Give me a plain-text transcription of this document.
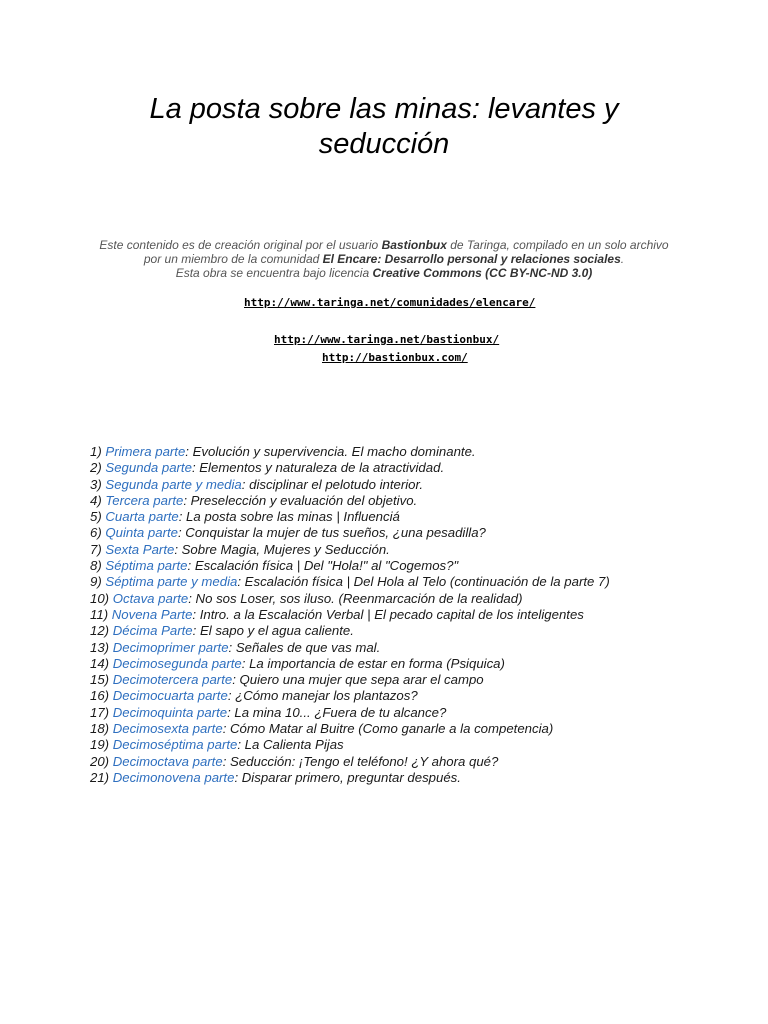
La posta sobre las minas: levantes y
seducción
Este contenido es de creación original por el usuario Bastionbux de Taringa, compilado en un solo archivo
por un miembro de la comunidad El Encare: Desarrollo personal y relaciones sociales.
Esta obra se encuentra bajo licencia Creative Commons (CC BY-NC-ND 3.0)
http://www.taringa.net/comunidades/elencare/
http://www.taringa.net/bastionbux/
http://bastionbux.com/
1) Primera parte: Evolución y supervivencia. El macho dominante.
2) Segunda parte: Elementos y naturaleza de la atractividad.
3) Segunda parte y media: disciplinar el pelotudo interior.
4) Tercera parte: Preselección y evaluación del objetivo.
5) Cuarta parte: La posta sobre las minas | Influenciá
6) Quinta parte: Conquistar la mujer de tus sueños, ¿una pesadilla?
7) Sexta Parte: Sobre Magia, Mujeres y Seducción.
8) Séptima parte: Escalación física | Del "Hola!" al "Cogemos?"
9) Séptima parte y media: Escalación física | Del Hola al Telo (continuación de la parte 7)
10) Octava parte: No sos Loser, sos iluso. (Reenmarcación de la realidad)
11) Novena Parte: Intro. a la Escalación Verbal | El pecado capital de los inteligentes
12) Décima Parte: El sapo y el agua caliente.
13) Decimoprimer parte: Señales de que vas mal.
14) Decimosegunda parte: La importancia de estar en forma (Psiquica)
15) Decimotercera parte: Quiero una mujer que sepa arar el campo
16) Decimocuarta parte: ¿Cómo manejar los plantazos?
17) Decimoquinta parte: La mina 10... ¿Fuera de tu alcance?
18) Decimosexta parte: Cómo Matar al Buitre (Como ganarle a la competencia)
19) Decimoséptima parte: La Calienta Pijas
20) Decimoctava parte: Seducción: ¡Tengo el teléfono! ¿Y ahora qué?
21) Decimonovena parte: Disparar primero, preguntar después.
